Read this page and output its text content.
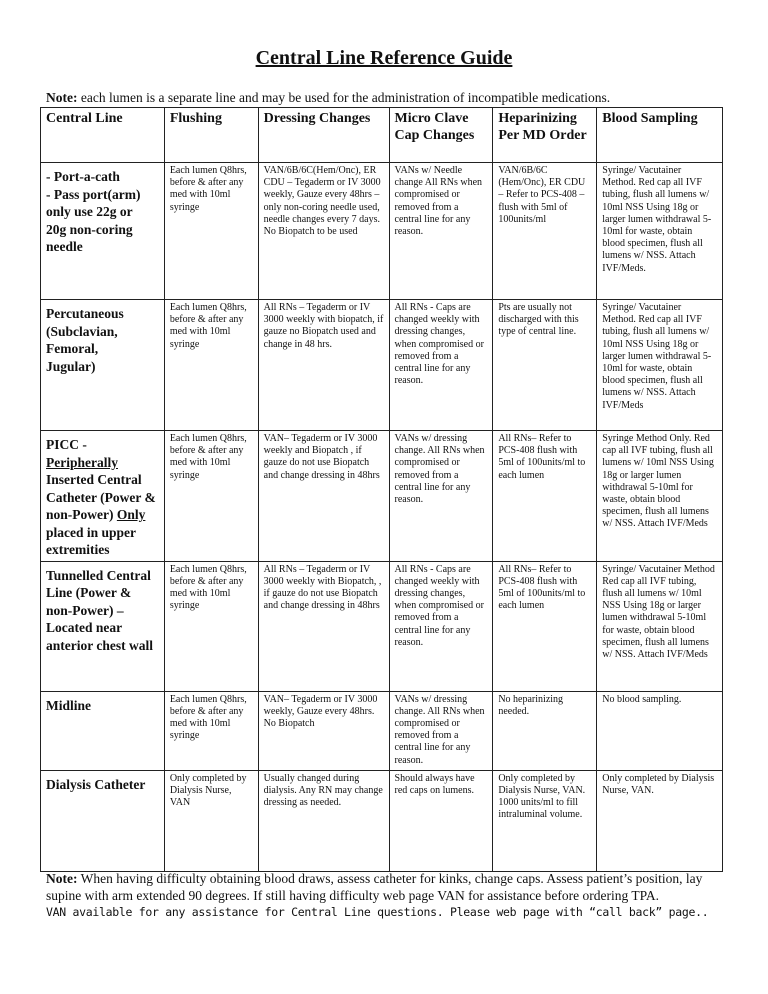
Central Line Reference Guide
Note: each lumen is a separate line and may be used for the administration of incompatible medications.
Central Line	Flushing	Dressing Changes	Micro Clave Cap Changes	Heparinizing Per MD Order	Blood Sampling
- Port-a-cath
- Pass port(arm)
only use 22g or
20g non-coring
needle	Each lumen Q8hrs, before & after any med with 10ml syringe	VAN/6B/6C(Hem/Onc), ER CDU – Tegaderm or IV 3000 weekly, Gauze every 48hrs – only non-coring needle used, needle changes every 7 days. No Biopatch to be used	VANs w/ Needle change All RNs when compromised or removed from a central line for any reason.	VAN/6B/6C (Hem/Onc), ER CDU – Refer to PCS-408 – flush with 5ml of 100units/ml	Syringe/ Vacutainer Method. Red cap all IVF tubing, flush all lumens w/ 10ml NSS Using 18g or larger lumen withdrawal 5-10ml for waste, obtain blood specimen, flush all lumens w/ NSS. Attach IVF/Meds.
Percutaneous
(Subclavian,
Femoral,
Jugular)	Each lumen Q8hrs, before & after any med with 10ml syringe	All RNs – Tegaderm or IV 3000 weekly with biopatch, if gauze no Biopatch used and change in 48 hrs.	All RNs - Caps are changed weekly with dressing changes, when compromised or removed from a central line for any reason.	Pts are usually not discharged with this type of central line.	Syringe/ Vacutainer Method. Red cap all IVF tubing, flush all lumens w/ 10ml NSS Using 18g or larger lumen withdrawal 5-10ml for waste, obtain blood specimen, flush all lumens w/ NSS. Attach IVF/Meds
PICC -
Peripherally Inserted Central Catheter (Power & non-Power) Only placed in upper extremities	Each lumen Q8hrs, before & after any med with 10ml syringe	VAN– Tegaderm or IV 3000 weekly and Biopatch , if gauze do not use Biopatch and change dressing in 48hrs	VANs w/ dressing change. All RNs when compromised or removed from a central line for any reason.	All RNs– Refer to PCS-408 flush with 5ml of 100units/ml to each lumen	Syringe Method Only. Red cap all IVF tubing, flush all lumens w/ 10ml NSS Using 18g or larger lumen withdrawal 5-10ml for waste, obtain blood specimen, flush all lumens w/ NSS. Attach IVF/Meds
Tunnelled Central Line (Power & non-Power) – Located near anterior chest wall	Each lumen Q8hrs, before & after any med with 10ml syringe	All RNs – Tegaderm or IV 3000 weekly with Biopatch, , if gauze do not use Biopatch and change dressing in 48hrs	All RNs - Caps are changed weekly with dressing changes, when compromised or removed from a central line for any reason.	All RNs– Refer to PCS-408 flush with 5ml of 100units/ml to each lumen	Syringe/ Vacutainer Method Red cap all IVF tubing, flush all lumens w/ 10ml NSS Using 18g or larger lumen withdrawal 5-10ml for waste, obtain blood specimen, flush all lumens w/ NSS. Attach IVF/Meds
Midline	Each lumen Q8hrs, before & after any med with 10ml syringe	VAN– Tegaderm or IV 3000 weekly, Gauze every 48hrs. No Biopatch	VANs w/ dressing change. All RNs when compromised or removed from a central line for any reason.	No heparinizing needed.	No blood sampling.
Dialysis Catheter	Only completed by Dialysis Nurse, VAN	Usually changed during dialysis. Any RN may change dressing as needed.	Should always have red caps on lumens.	Only completed by Dialysis Nurse, VAN. 1000 units/ml to fill intraluminal volume.	Only completed by Dialysis Nurse, VAN.
Note: When having difficulty obtaining blood draws, assess catheter for kinks, change caps. Assess patient’s position, lay supine with arm extended 90 degrees. If still having difficulty web page VAN for assistance before ordering TPA.
VAN available for any assistance for Central Line questions. Please web page with “call back” page..
